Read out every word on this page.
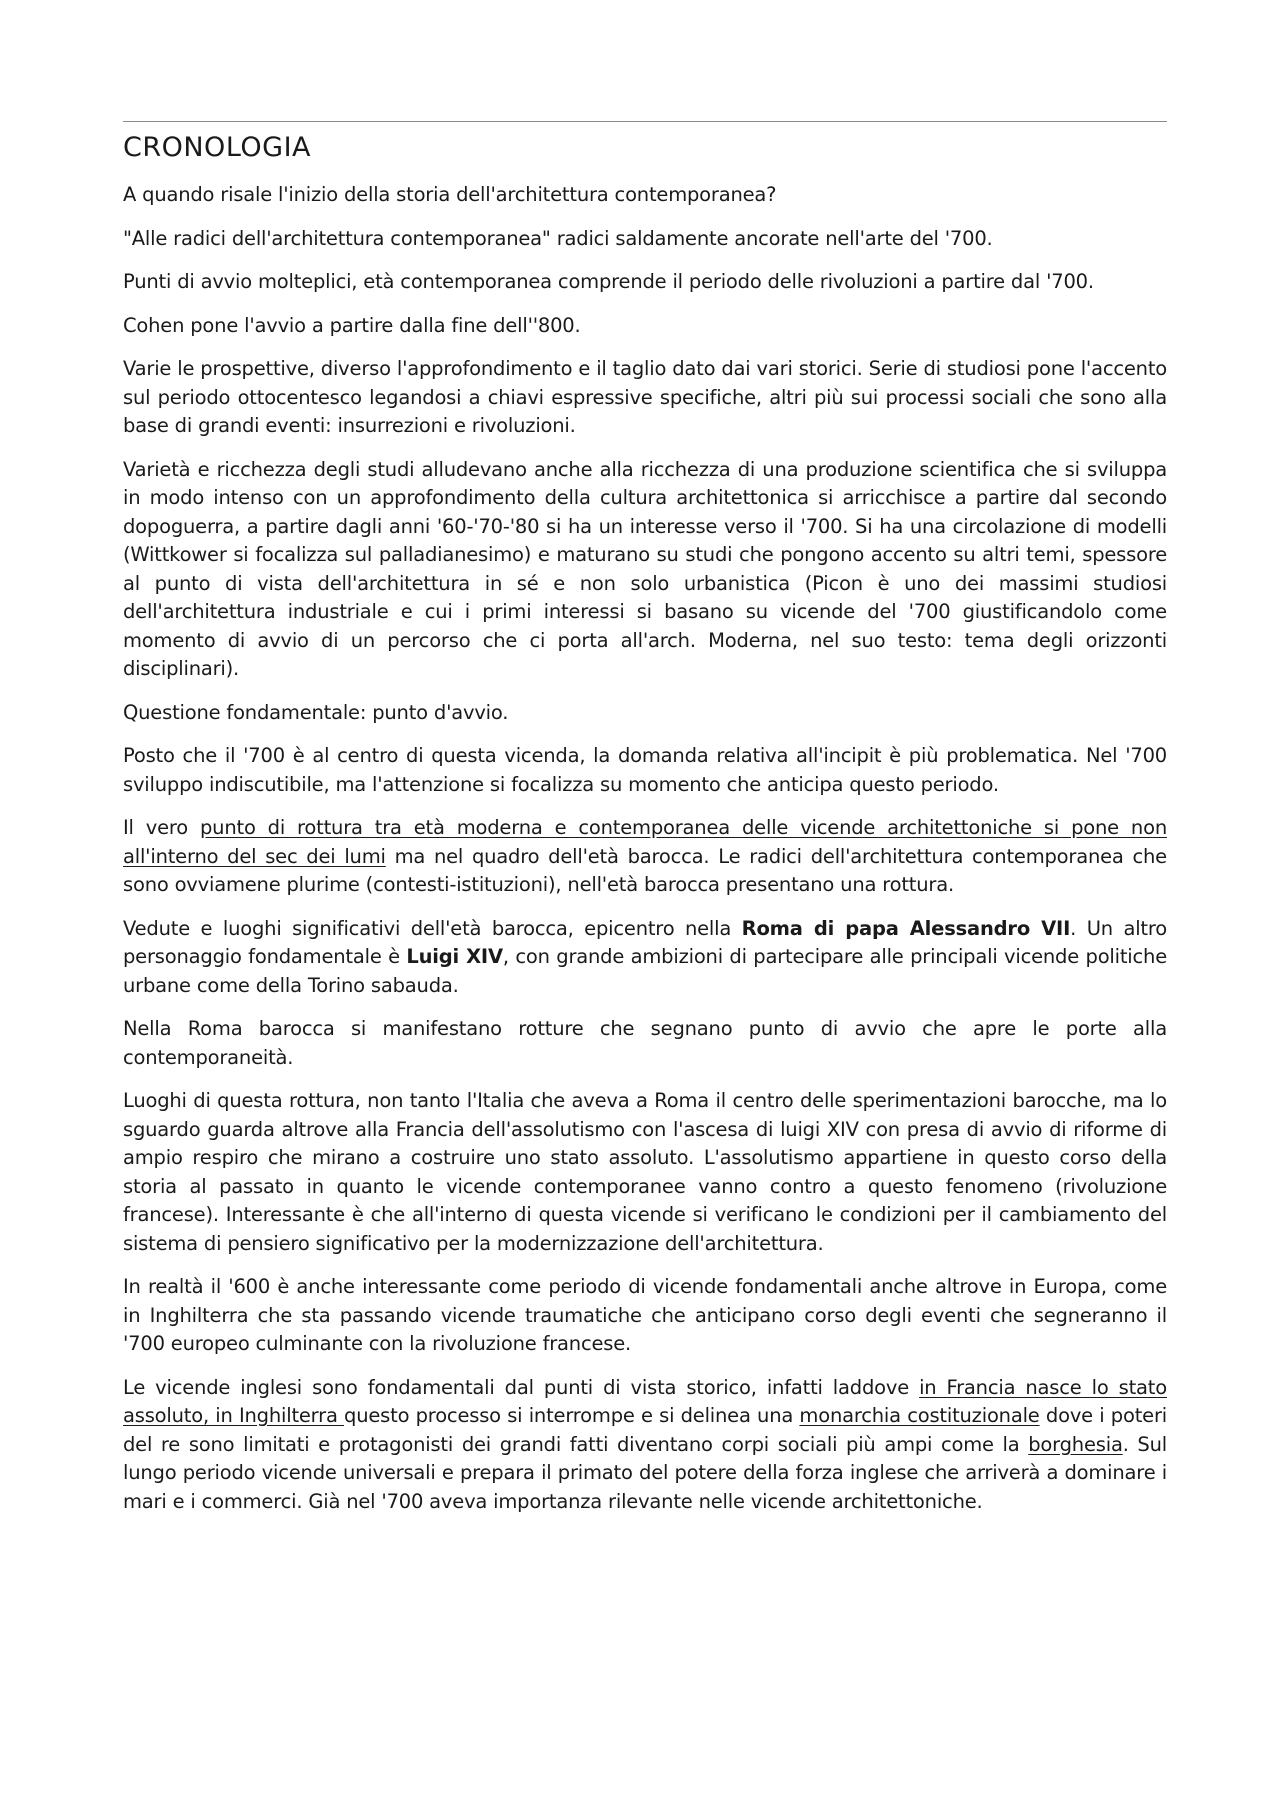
CRONOLOGIA

A quando risale l'inizio della storia dell'architettura contemporanea?

"Alle radici dell'architettura contemporanea" radici saldamente ancorate nell'arte del '700.

Punti di avvio molteplici, età contemporanea comprende il periodo delle rivoluzioni a partire dal '700.

Cohen pone l'avvio a partire dalla fine dell''800.

Varie le prospettive, diverso l'approfondimento e il taglio dato dai vari storici. Serie di studiosi pone l'accento sul periodo ottocentesco legandosi a chiavi espressive specifiche, altri più sui processi sociali che sono alla base di grandi eventi: insurrezioni e rivoluzioni.

Varietà e ricchezza degli studi alludevano anche alla ricchezza di una produzione scientifica che si sviluppa in modo intenso con un approfondimento della cultura architettonica si arricchisce a partire dal secondo dopoguerra, a partire dagli anni '60-'70-'80 si ha un interesse verso il '700. Si ha una circolazione di modelli (Wittkower si focalizza sul palladianesimo) e maturano su studi che pongono accento su altri temi, spessore al punto di vista dell'architettura in sé e non solo urbanistica (Picon è uno dei massimi studiosi dell'architettura industriale e cui i primi interessi si basano su vicende del '700 giustificandolo come momento di avvio di un percorso che ci porta all'arch. Moderna, nel suo testo: tema degli orizzonti disciplinari).

Questione fondamentale: punto d'avvio.

Posto che il '700 è al centro di questa vicenda, la domanda relativa all'incipit è più problematica. Nel '700 sviluppo indiscutibile, ma l'attenzione si focalizza su momento che anticipa questo periodo.

Il vero punto di rottura tra età moderna e contemporanea delle vicende architettoniche si pone non all'interno del sec dei lumi ma nel quadro dell'età barocca. Le radici dell'architettura contemporanea che sono ovviamene plurime (contesti-istituzioni), nell'età barocca presentano una rottura.

Vedute e luoghi significativi dell'età barocca, epicentro nella Roma di papa Alessandro VII. Un altro personaggio fondamentale è Luigi XIV, con grande ambizioni di partecipare alle principali vicende politiche urbane come della Torino sabauda.

Nella Roma barocca si manifestano rotture che segnano punto di avvio che apre le porte alla contemporaneità.

Luoghi di questa rottura, non tanto l'Italia che aveva a Roma il centro delle sperimentazioni barocche, ma lo sguardo guarda altrove alla Francia dell'assolutismo con l'ascesa di luigi XIV con presa di avvio di riforme di ampio respiro che mirano a costruire uno stato assoluto. L'assolutismo appartiene in questo corso della storia al passato in quanto le vicende contemporanee vanno contro a questo fenomeno (rivoluzione francese). Interessante è che all'interno di questa vicende si verificano le condizioni per il cambiamento del sistema di pensiero significativo per la modernizzazione dell'architettura.

In realtà il '600 è anche interessante come periodo di vicende fondamentali anche altrove in Europa, come in Inghilterra che sta passando vicende traumatiche che anticipano corso degli eventi che segneranno il '700 europeo culminante con la rivoluzione francese.

Le vicende inglesi sono fondamentali dal punti di vista storico, infatti laddove in Francia nasce lo stato assoluto, in Inghilterra questo processo si interrompe e si delinea una monarchia costituzionale dove i poteri del re sono limitati e protagonisti dei grandi fatti diventano corpi sociali più ampi come la borghesia. Sul lungo periodo vicende universali e prepara il primato del potere della forza inglese che arriverà a dominare i mari e i commerci. Già nel '700 aveva importanza rilevante nelle vicende architettoniche.
